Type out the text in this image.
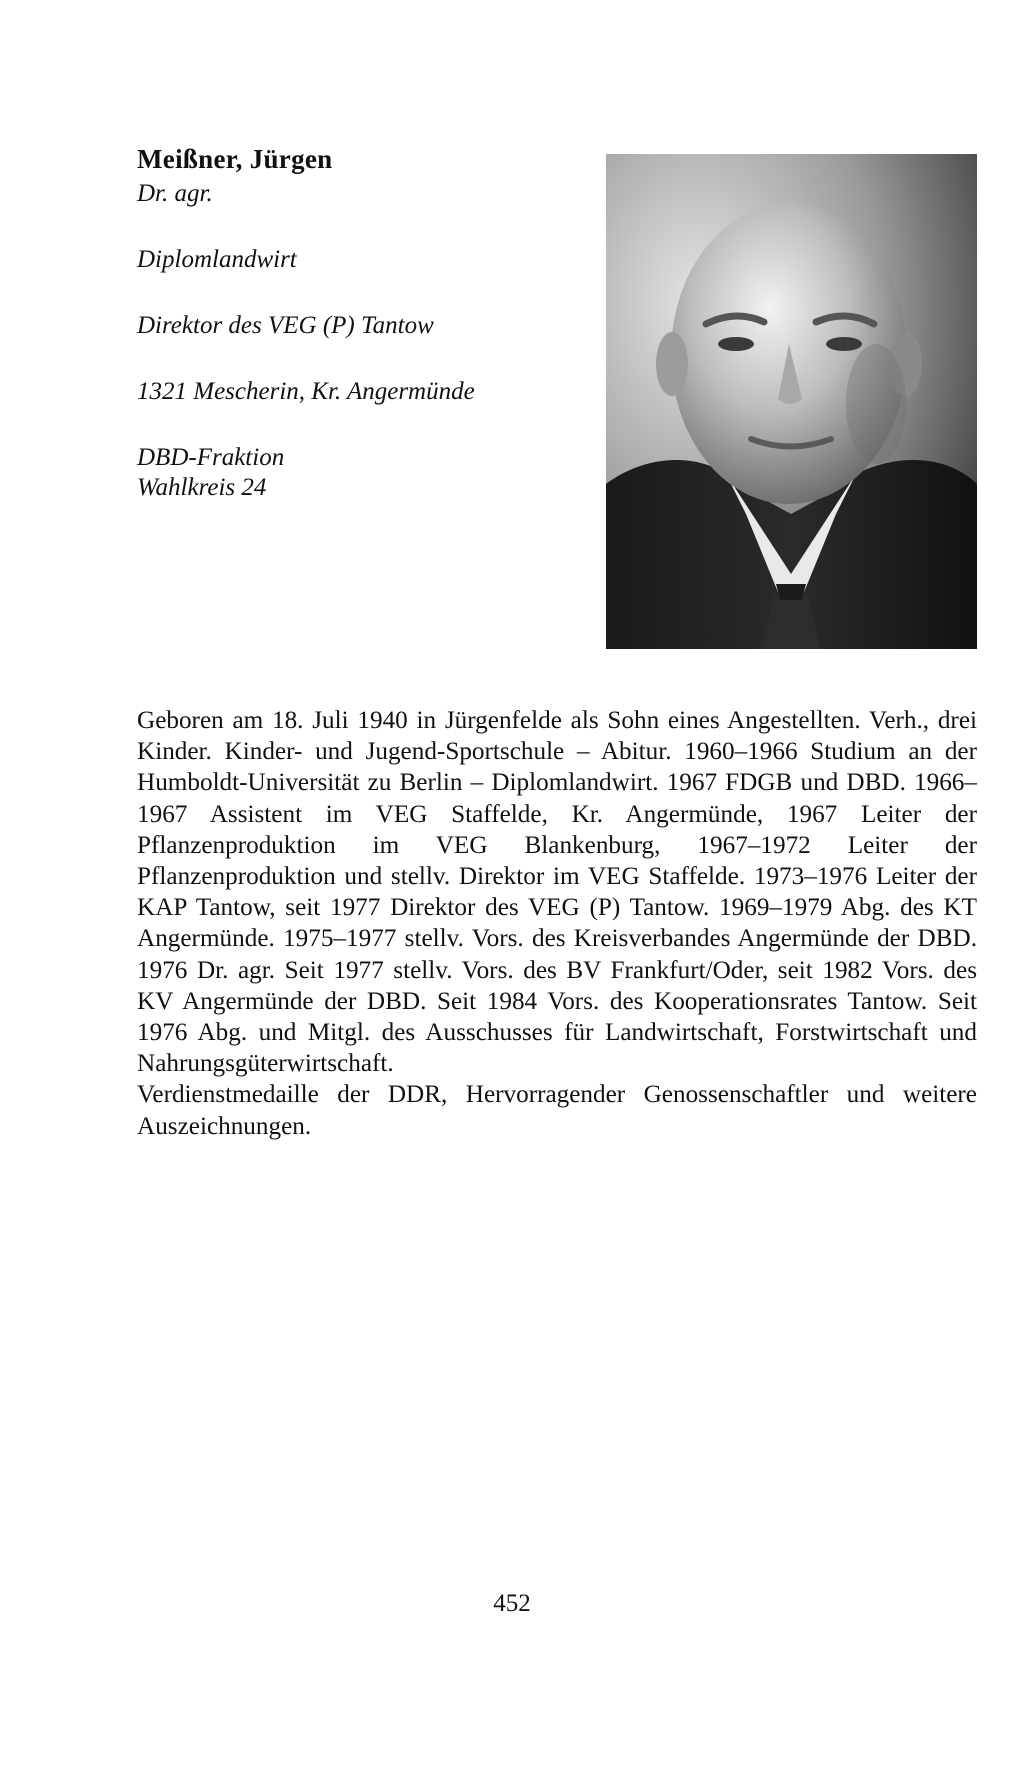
Meißner, Jürgen

Dr. agr.

Diplomlandwirt

Direktor des VEG (P) Tantow

1321 Mescherin, Kr. Angermünde

DBD-Fraktion

Wahlkreis 24

Geboren am 18. Juli 1940 in Jürgenfelde als Sohn eines Angestellten. Verh., drei Kinder. Kinder- und Jugend-Sportschule – Abitur. 1960–1966 Studium an der Humboldt-Universität zu Berlin – Diplomlandwirt. 1967 FDGB und DBD. 1966–1967 Assistent im VEG Staffelde, Kr. Angermünde, 1967 Leiter der Pflanzenproduktion im VEG Blankenburg, 1967–1972 Leiter der Pflanzenproduktion und stellv. Direktor im VEG Staffelde. 1973–1976 Leiter der KAP Tantow, seit 1977 Direktor des VEG (P) Tantow. 1969–1979 Abg. des KT Angermünde. 1975–1977 stellv. Vors. des Kreisverbandes Angermünde der DBD. 1976 Dr. agr. Seit 1977 stellv. Vors. des BV Frankfurt/Oder, seit 1982 Vors. des KV Angermünde der DBD. Seit 1984 Vors. des Kooperationsrates Tantow. Seit 1976 Abg. und Mitgl. des Ausschusses für Landwirtschaft, Forstwirtschaft und Nahrungsgüterwirtschaft.

Verdienstmedaille der DDR, Hervorragender Genossenschaftler und weitere Auszeichnungen.

452
